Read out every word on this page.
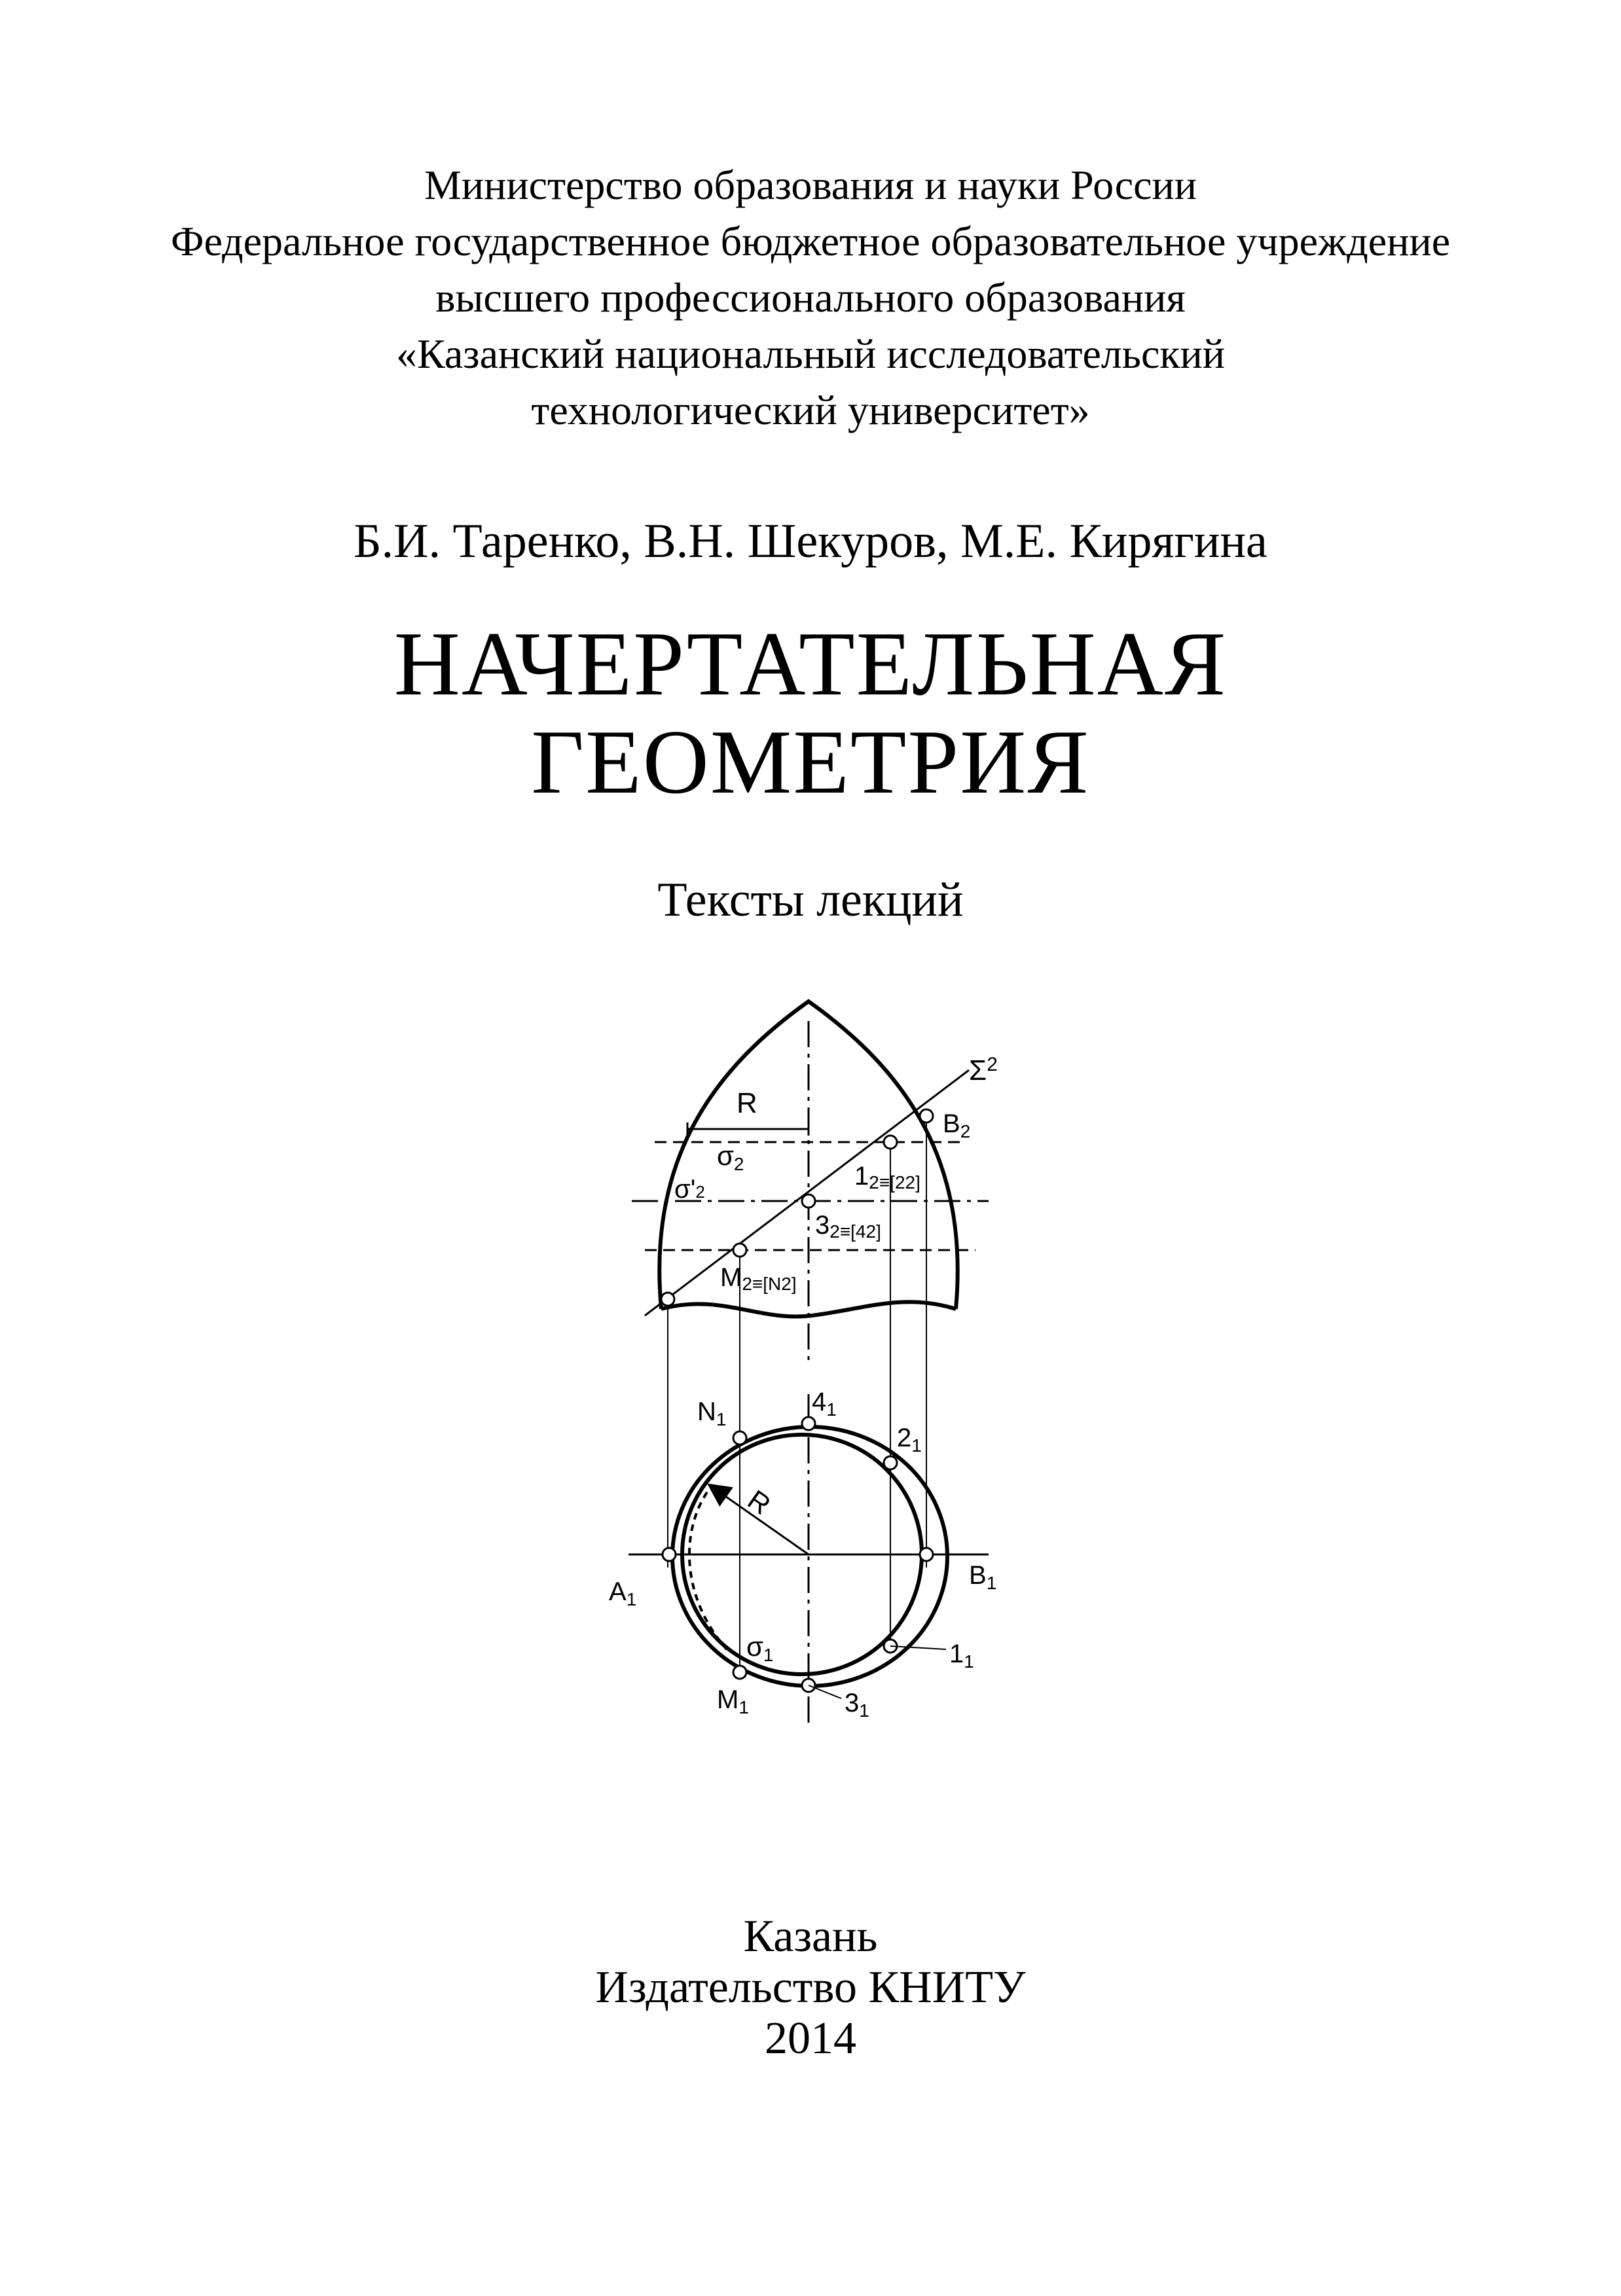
Министерство образования и науки России
Федеральное государственное бюджетное образовательное учреждение
высшего профессионального образования
«Казанский национальный исследовательский
технологический университет»
Б.И. Таренко, В.Н. Шекуров, М.Е. Кирягина
НАЧЕРТАТЕЛЬНАЯ
ГЕОМЕТРИЯ
Тексты лекций
R
$\Sigma^2$
$B_2$
σ2
σ'2
12≡[22]
32≡[42]
M2≡[N2]
$N_1$
$4_1$
$2_1$
R
$A_1$
$B_1$
σ1	$1_1$
$M_1$	$3_1$
Казань
Издательство КНИТУ
2014
